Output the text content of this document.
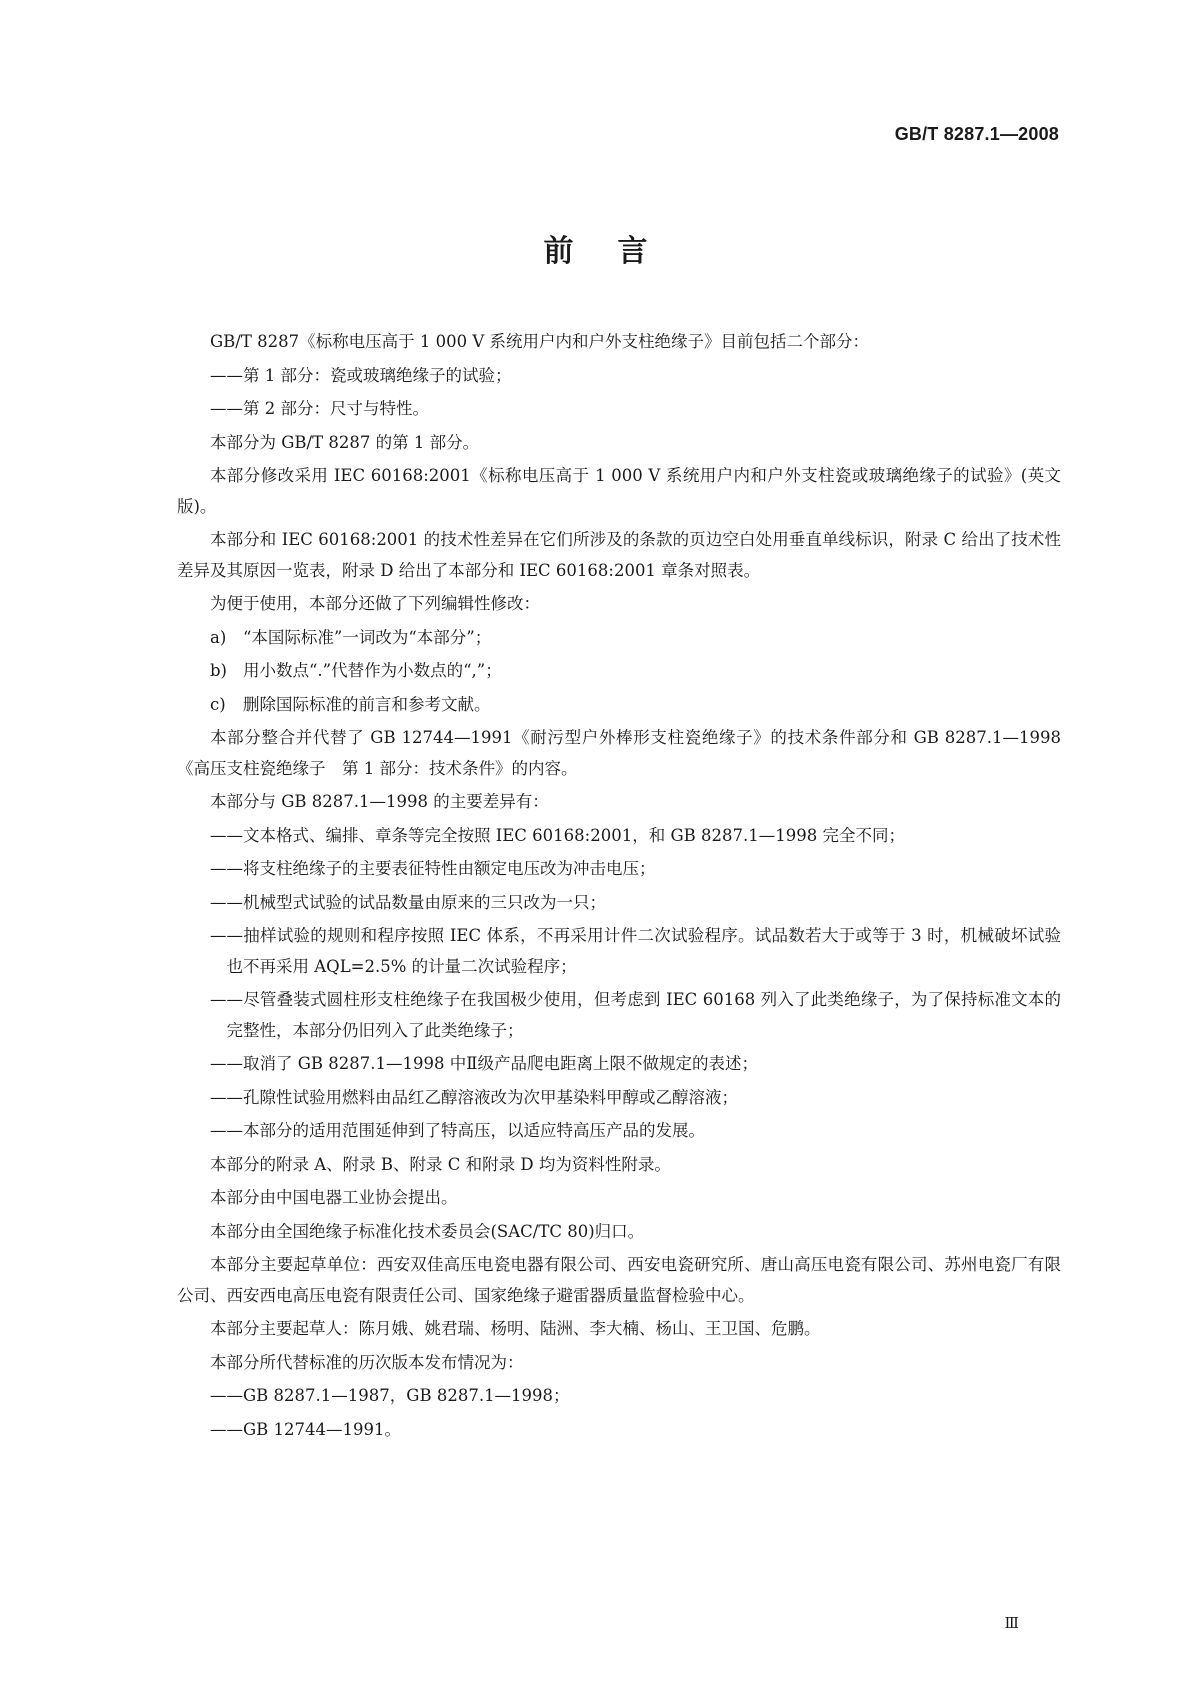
GB/T 8287.1—2008
前言

GB/T 8287《标称电压高于 1 000 V 系统用户内和户外支柱绝缘子》目前包括二个部分：

——第 1 部分：瓷或玻璃绝缘子的试验；

——第 2 部分：尺寸与特性。

本部分为 GB/T 8287 的第 1 部分。

本部分修改采用 IEC 60168:2001《标称电压高于 1 000 V 系统用户内和户外支柱瓷或玻璃绝缘子的试验》(英文版)。

本部分和 IEC 60168:2001 的技术性差异在它们所涉及的条款的页边空白处用垂直单线标识，附录 C 给出了技术性差异及其原因一览表，附录 D 给出了本部分和 IEC 60168:2001 章条对照表。

为便于使用，本部分还做了下列编辑性修改：

a) “本国际标准”一词改为“本部分”；

b) 用小数点“.”代替作为小数点的“,”；

c) 删除国际标准的前言和参考文献。

本部分整合并代替了 GB 12744—1991《耐污型户外棒形支柱瓷绝缘子》的技术条件部分和 GB 8287.1—1998《高压支柱瓷绝缘子　第 1 部分：技术条件》的内容。

本部分与 GB 8287.1—1998 的主要差异有：

——文本格式、编排、章条等完全按照 IEC 60168:2001，和 GB 8287.1—1998 完全不同；

——将支柱绝缘子的主要表征特性由额定电压改为冲击电压；

——机械型式试验的试品数量由原来的三只改为一只；

——抽样试验的规则和程序按照 IEC 体系，不再采用计件二次试验程序。试品数若大于或等于 3 时，机械破坏试验也不再采用 AQL=2.5% 的计量二次试验程序；

——尽管叠装式圆柱形支柱绝缘子在我国极少使用，但考虑到 IEC 60168 列入了此类绝缘子，为了保持标准文本的完整性，本部分仍旧列入了此类绝缘子；

——取消了 GB 8287.1—1998 中Ⅱ级产品爬电距离上限不做规定的表述；

——孔隙性试验用燃料由品红乙醇溶液改为次甲基染料甲醇或乙醇溶液；

——本部分的适用范围延伸到了特高压，以适应特高压产品的发展。

本部分的附录 A、附录 B、附录 C 和附录 D 均为资料性附录。

本部分由中国电器工业协会提出。

本部分由全国绝缘子标准化技术委员会(SAC/TC 80)归口。

本部分主要起草单位：西安双佳高压电瓷电器有限公司、西安电瓷研究所、唐山高压电瓷有限公司、苏州电瓷厂有限公司、西安西电高压电瓷有限责任公司、国家绝缘子避雷器质量监督检验中心。

本部分主要起草人：陈月娥、姚君瑞、杨明、陆洲、李大楠、杨山、王卫国、危鹏。

本部分所代替标准的历次版本发布情况为：

——GB 8287.1—1987，GB 8287.1—1998；

——GB 12744—1991。

Ⅲ
